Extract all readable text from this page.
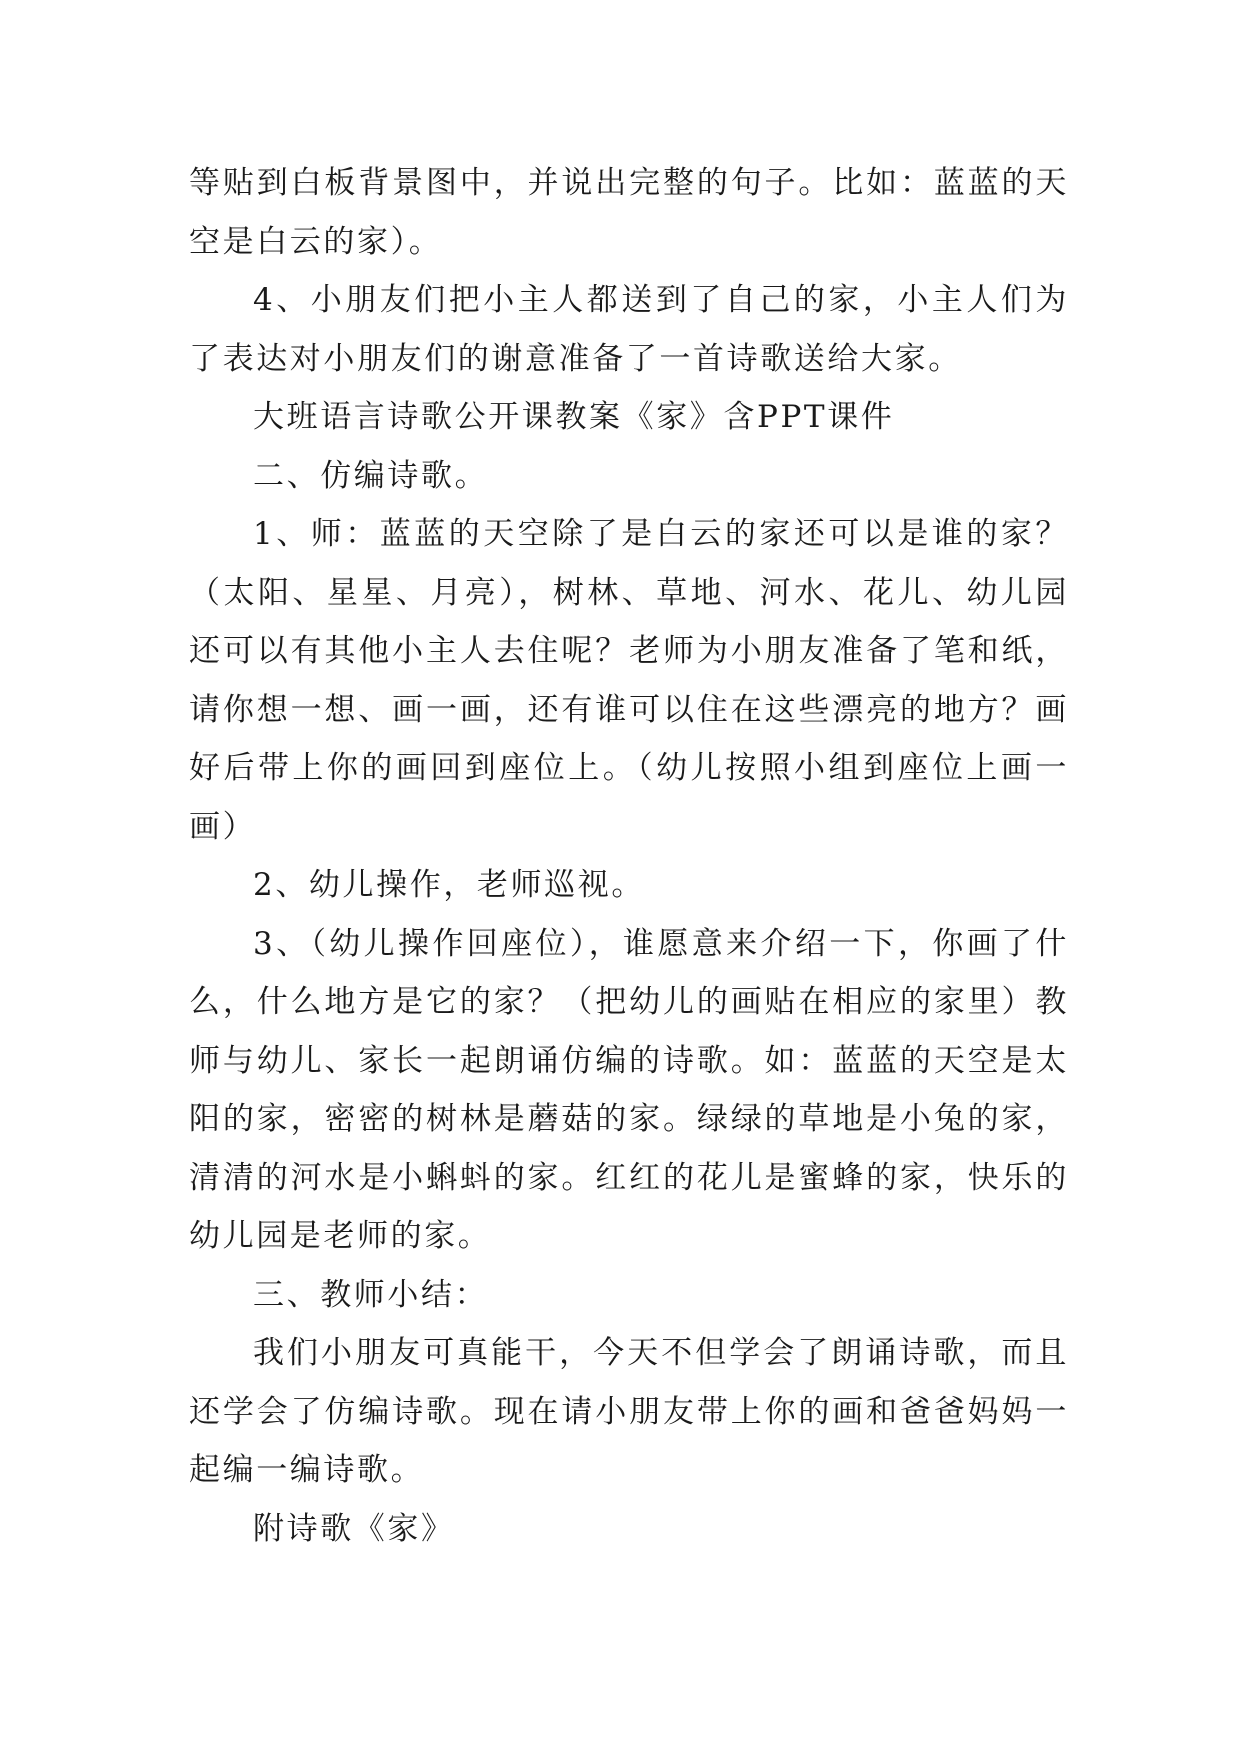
等贴到白板背景图中，并说出完整的句子。比如：蓝蓝的天空是白云的家）。

4、小朋友们把小主人都送到了自己的家，小主人们为了表达对小朋友们的谢意准备了一首诗歌送给大家。

大班语言诗歌公开课教案《家》含PPT课件

二、仿编诗歌。

1、师：蓝蓝的天空除了是白云的家还可以是谁的家？（太阳、星星、月亮），树林、草地、河水、花儿、幼儿园还可以有其他小主人去住呢？老师为小朋友准备了笔和纸，请你想一想、画一画，还有谁可以住在这些漂亮的地方？画好后带上你的画回到座位上。（幼儿按照小组到座位上画一画）

2、幼儿操作，老师巡视。

3、（幼儿操作回座位），谁愿意来介绍一下，你画了什么，什么地方是它的家？（把幼儿的画贴在相应的家里）教师与幼儿、家长一起朗诵仿编的诗歌。如：蓝蓝的天空是太阳的家，密密的树林是蘑菇的家。绿绿的草地是小兔的家，清清的河水是小蝌蚪的家。红红的花儿是蜜蜂的家，快乐的幼儿园是老师的家。

三、教师小结：

我们小朋友可真能干，今天不但学会了朗诵诗歌，而且还学会了仿编诗歌。现在请小朋友带上你的画和爸爸妈妈一起编一编诗歌。

附诗歌《家》
